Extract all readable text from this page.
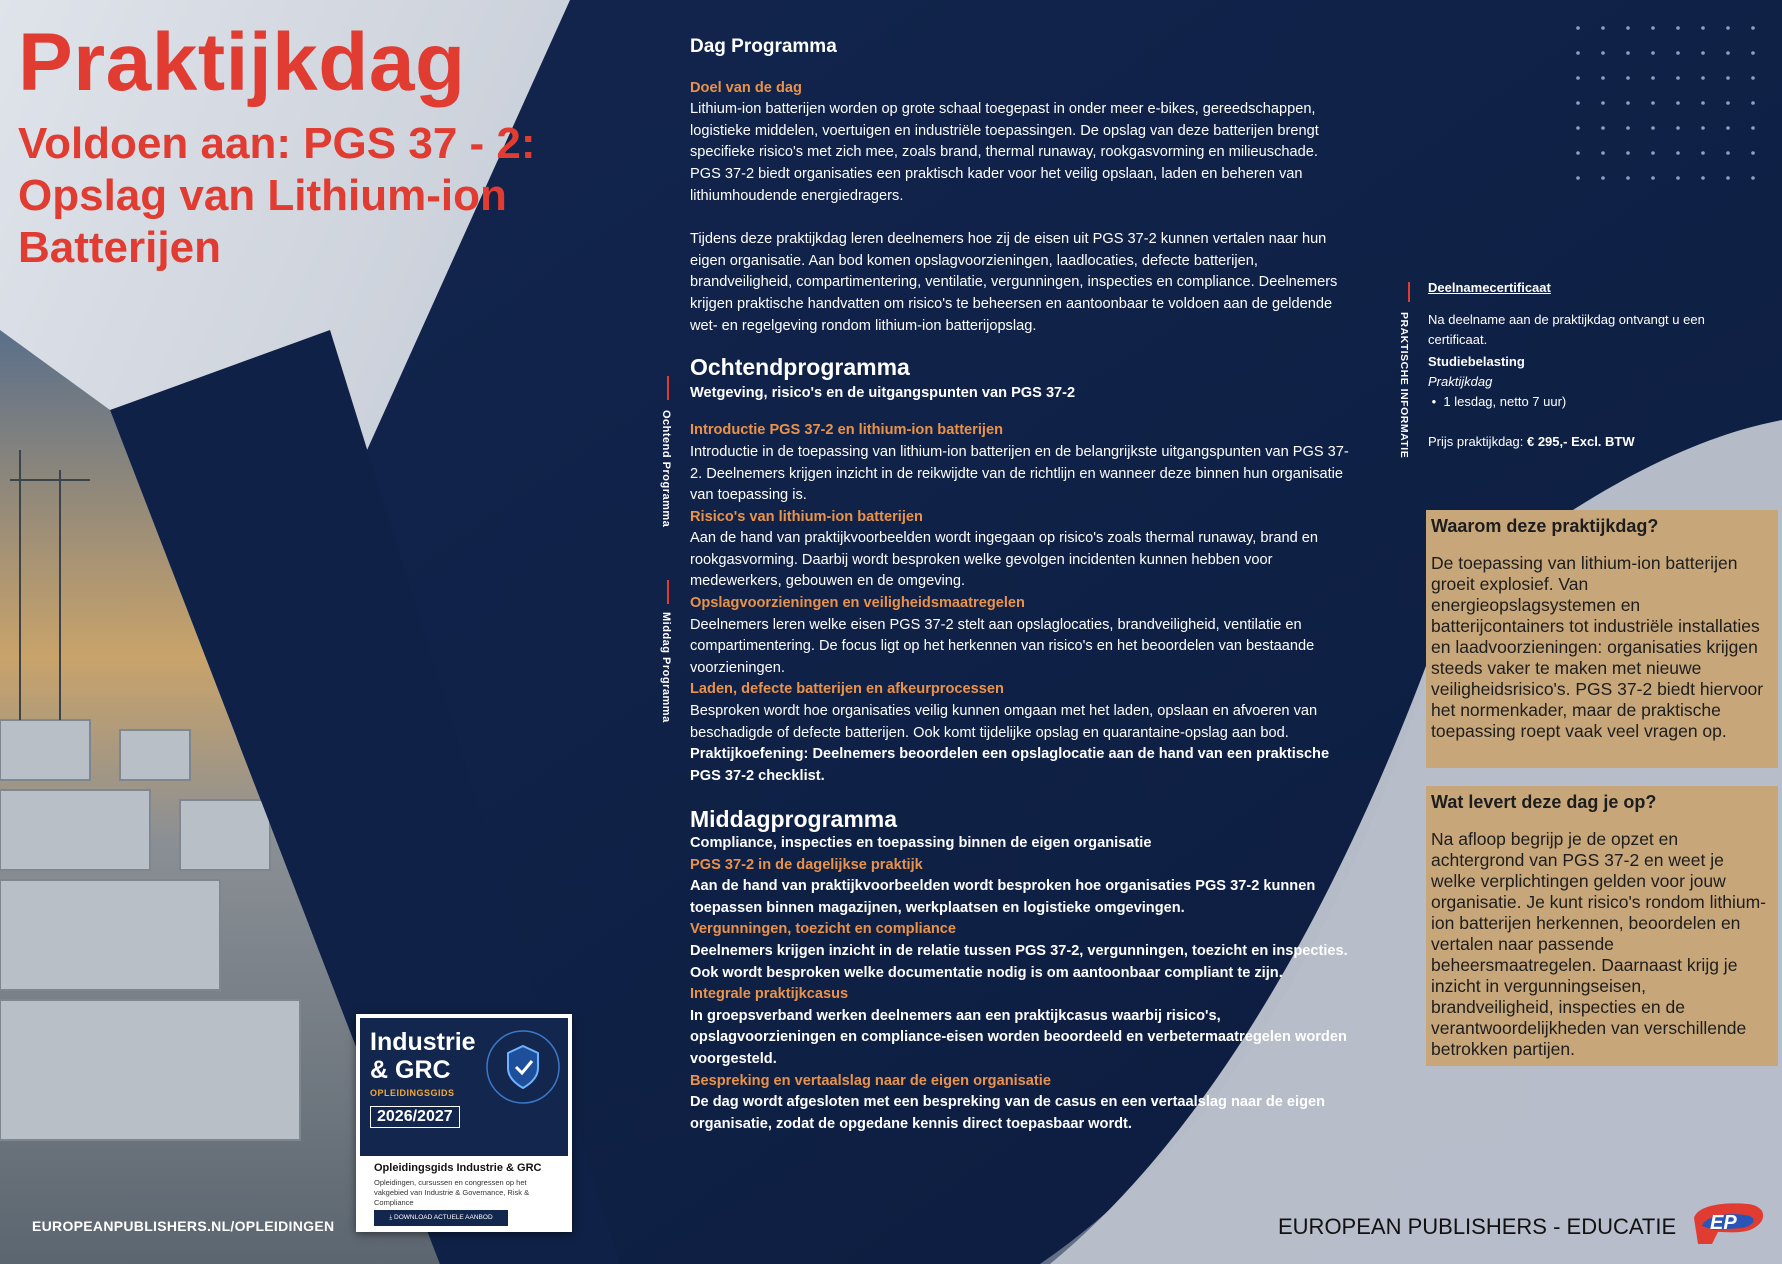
Praktijkdag
Voldoen aan: PGS 37 - 2: Opslag van Lithium-ion Batterijen
Ochtend Programma
Middag Programma
Dag Programma
Doel van de dag
Lithium-ion batterijen worden op grote schaal toegepast in onder meer e-bikes, gereedschappen, logistieke middelen, voertuigen en industriële toepassingen. De opslag van deze batterijen brengt specifieke risico's met zich mee, zoals brand, thermal runaway, rookgasvorming en milieuschade. PGS 37-2 biedt organisaties een praktisch kader voor het veilig opslaan, laden en beheren van lithiumhoudende energiedragers.
Tijdens deze praktijkdag leren deelnemers hoe zij de eisen uit PGS 37-2 kunnen vertalen naar hun eigen organisatie. Aan bod komen opslagvoorzieningen, laadlocaties, defecte batterijen, brandveiligheid, compartimentering, ventilatie, vergunningen, inspecties en compliance. Deelnemers krijgen praktische handvatten om risico's te beheersen en aantoonbaar te voldoen aan de geldende wet- en regelgeving rondom lithium-ion batterijopslag.
Ochtendprogramma
Wetgeving, risico's en de uitgangspunten van PGS 37-2
Introductie PGS 37-2 en lithium-ion batterijen
Introductie in de toepassing van lithium-ion batterijen en de belangrijkste uitgangspunten van PGS 37-2. Deelnemers krijgen inzicht in de reikwijdte van de richtlijn en wanneer deze binnen hun organisatie van toepassing is.
Risico's van lithium-ion batterijen
Aan de hand van praktijkvoorbeelden wordt ingegaan op risico's zoals thermal runaway, brand en rookgasvorming. Daarbij wordt besproken welke gevolgen incidenten kunnen hebben voor medewerkers, gebouwen en de omgeving.
Opslagvoorzieningen en veiligheidsmaatregelen
Deelnemers leren welke eisen PGS 37-2 stelt aan opslaglocaties, brandveiligheid, ventilatie en compartimentering. De focus ligt op het herkennen van risico's en het beoordelen van bestaande voorzieningen.
Laden, defecte batterijen en afkeurprocessen
Besproken wordt hoe organisaties veilig kunnen omgaan met het laden, opslaan en afvoeren van beschadigde of defecte batterijen. Ook komt tijdelijke opslag en quarantaine-opslag aan bod.
Praktijkoefening: Deelnemers beoordelen een opslaglocatie aan de hand van een praktische PGS 37-2 checklist.
Middagprogramma
Compliance, inspecties en toepassing binnen de eigen organisatie
PGS 37-2 in de dagelijkse praktijk
Aan de hand van praktijkvoorbeelden wordt besproken hoe organisaties PGS 37-2 kunnen toepassen binnen magazijnen, werkplaatsen en logistieke omgevingen.
Vergunningen, toezicht en compliance
Deelnemers krijgen inzicht in de relatie tussen PGS 37-2, vergunningen, toezicht en inspecties. Ook wordt besproken welke documentatie nodig is om aantoonbaar compliant te zijn.
Integrale praktijkcasus
In groepsverband werken deelnemers aan een praktijkcasus waarbij risico's, opslagvoorzieningen en compliance-eisen worden beoordeeld en verbetermaatregelen worden voorgesteld.
Bespreking en vertaalslag naar de eigen organisatie
De dag wordt afgesloten met een bespreking van de casus en een vertaalslag naar de eigen organisatie, zodat de opgedane kennis direct toepasbaar wordt.
PRAKTISCHE INFORMATIE
Deelnamecertificaat
Na deelname aan de praktijkdag ontvangt u een certificaat.
Studiebelasting
Praktijkdag
•  1 lesdag, netto 7 uur)
Prijs praktijkdag: € 295,- Excl. BTW
Waarom deze praktijkdag?
De toepassing van lithium-ion batterijen groeit explosief. Van energieopslagsystemen en batterijcontainers tot industriële installaties en laadvoorzieningen: organisaties krijgen steeds vaker te maken met nieuwe veiligheidsrisico's. PGS 37-2 biedt hiervoor het normenkader, maar de praktische toepassing roept vaak veel vragen op.
Wat levert deze dag je op?
Na afloop begrijp je de opzet en achtergrond van PGS 37-2 en weet je welke verplichtingen gelden voor jouw organisatie. Je kunt risico's rondom lithium-ion batterijen herkennen, beoordelen en vertalen naar passende beheersmaatregelen. Daarnaast krijg je inzicht in vergunningseisen, brandveiligheid, inspecties en de verantwoordelijkheden van verschillende betrokken partijen.
Industrie
& GRC
OPLEIDINGSGIDS
2026/2027
Opleidingsgids Industrie & GRC
Opleidingen, cursussen en congressen op het vakgebied van Industrie & Governance, Risk & Compliance
⤓ DOWNLOAD ACTUELE AANBOD
EUROPEANPUBLISHERS.NL/OPLEIDINGEN	EUROPEAN PUBLISHERS - EDUCATIE EP
